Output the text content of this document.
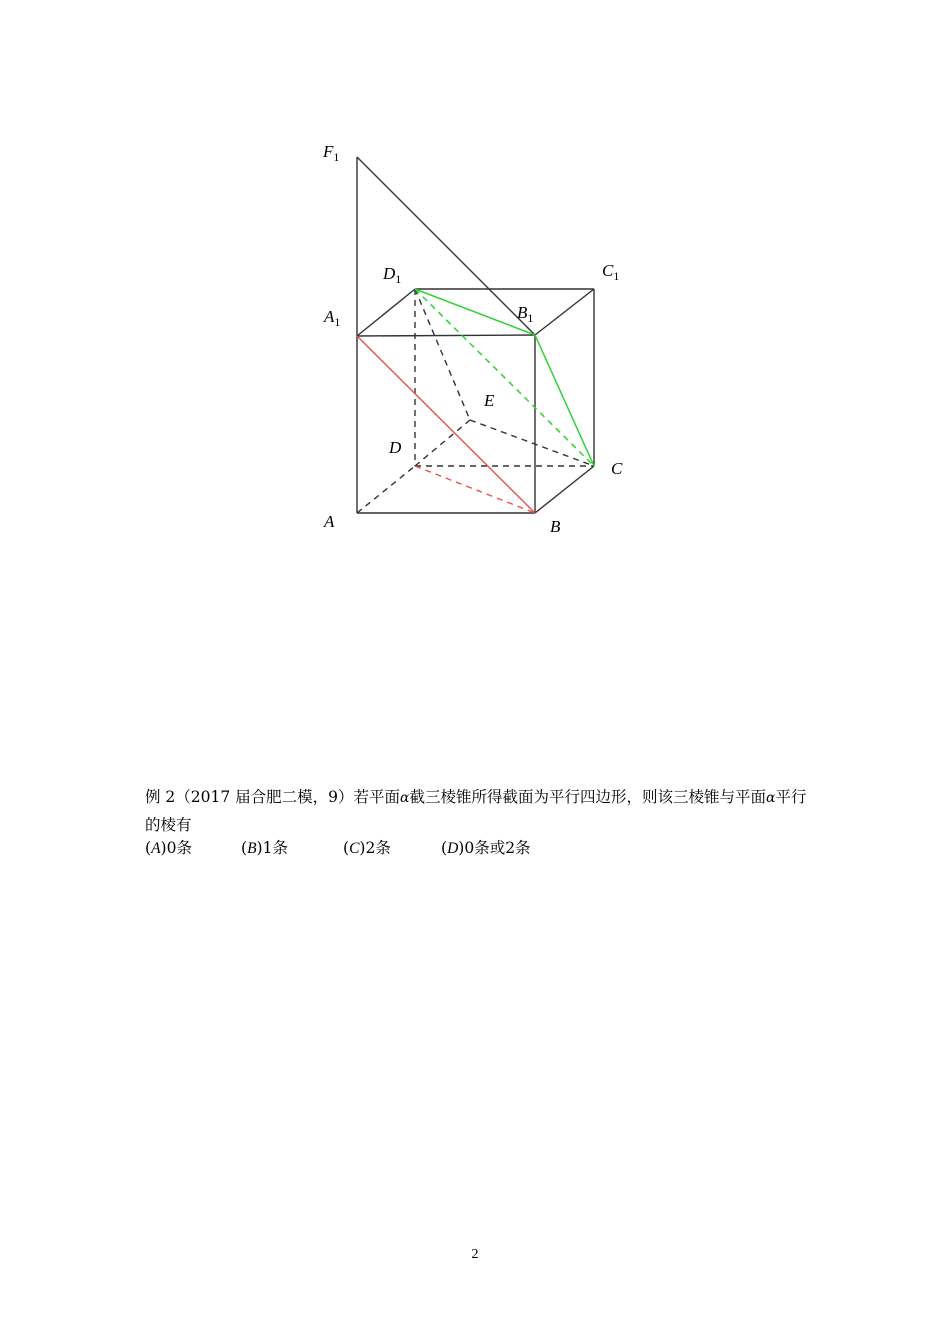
$F_1$
$D_1$	$C_1$
$A_1$	$B_1$
E
D
C
A	B

例 2（2017 届合肥二模，9）若平面α截三棱锥所得截面为平行四边形，则该三棱锥与平面α平行的棱有

(A)0条	(B)1条	(C)2条	(D)0条或2条
2
